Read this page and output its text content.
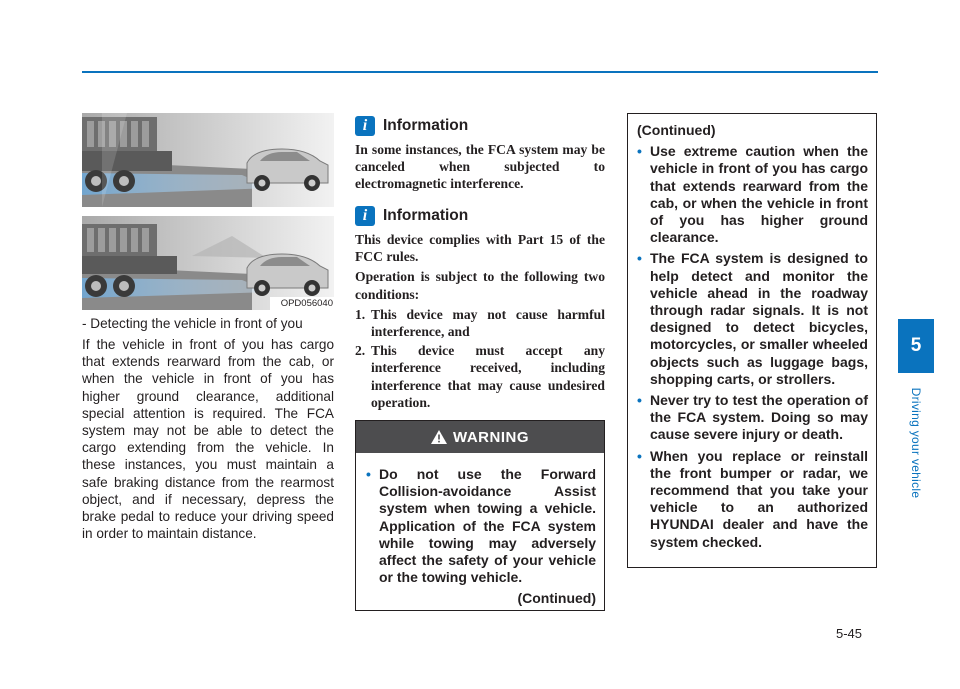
OPD056040
- Detecting the vehicle in front of you
If the vehicle in front of you has cargo that extends rearward from the cab, or when the vehicle in front of you has higher ground clearance, additional special attention is required. The FCA system may not be able to detect the cargo extending from the vehicle. In these instances, you must maintain a safe braking distance from the rearmost object, and if necessary, depress the brake pedal to reduce your driving speed in order to maintain distance.
i	Information

In some instances, the FCA system may be canceled when subjected to electromagnetic interference.

i	Information

This device complies with Part 15 of the FCC rules.

Operation is subject to the following two conditions:

1. This device may not cause harmful interference, and
2. This device must accept any interference received, including interference that may cause undesired operation.
WARNING
• Do not use the Forward Collision-avoidance Assist system when towing a vehicle. Application of the FCA system while towing may adversely affect the safety of your vehicle or the towing vehicle.
(Continued)
(Continued)
• Use extreme caution when the vehicle in front of you has cargo that extends rearward from the cab, or when the vehicle in front of you has higher ground clearance.
• The FCA system is designed to help detect and monitor the vehicle ahead in the roadway through radar signals. It is not designed to detect bicycles, motorcycles, or smaller wheeled objects such as luggage bags, shopping carts, or strollers.
• Never try to test the operation of the FCA system. Doing so may cause severe injury or death.
• When you replace or reinstall the front bumper or radar, we recommend that you take your vehicle to an authorized HYUNDAI dealer and have the system checked.
5
Driving your vehicle
5-45
